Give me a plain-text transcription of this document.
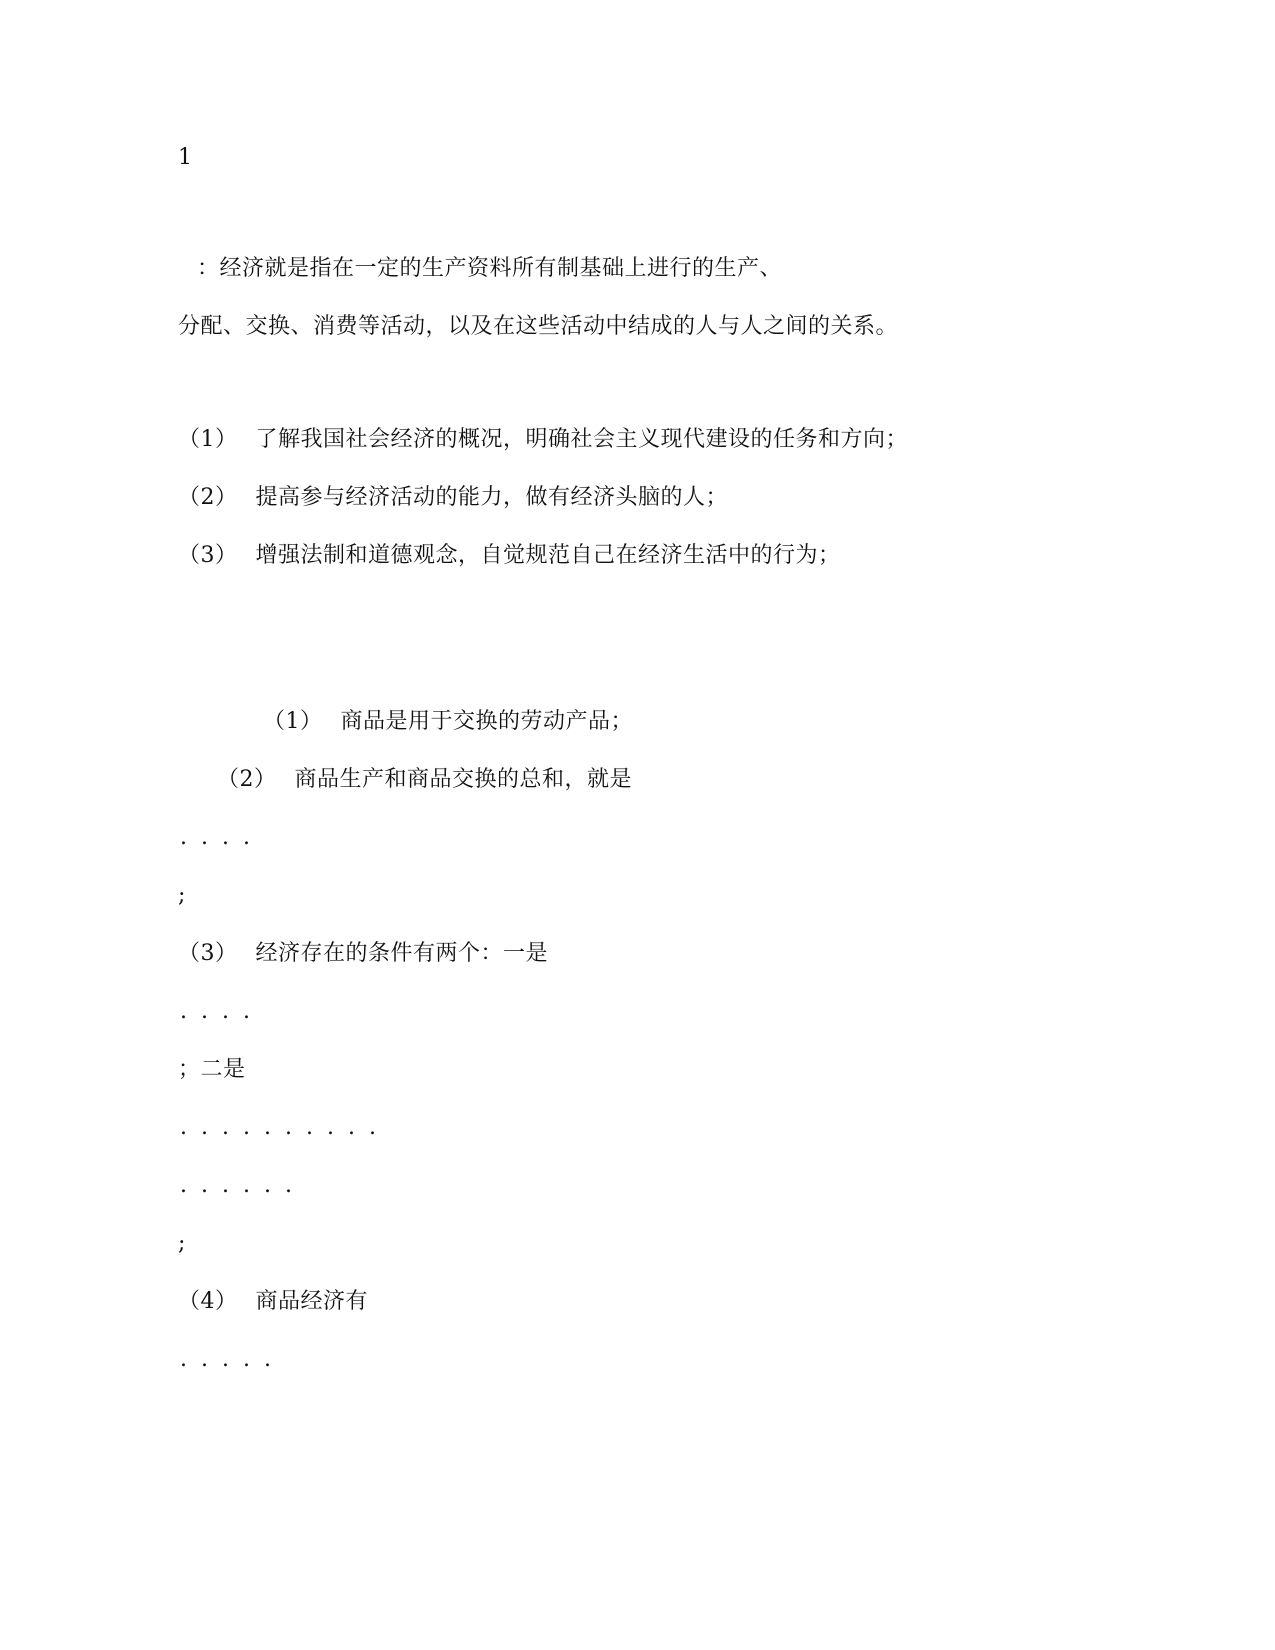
1
：经济就是指在一定的生产资料所有制基础上进行的生产、
分配、交换、消费等活动，以及在这些活动中结成的人与人之间的关系。
（1） 了解我国社会经济的概况，明确社会主义现代建设的任务和方向；
（2） 提高参与经济活动的能力，做有经济头脑的人；
（3） 增强法制和道德观念，自觉规范自己在经济生活中的行为；
（1） 商品是用于交换的劳动产品；
（2） 商品生产和商品交换的总和，就是
....
;
（3） 经济存在的条件有两个：一是
....
；二是
..........
......
;
（4） 商品经济有
.....
